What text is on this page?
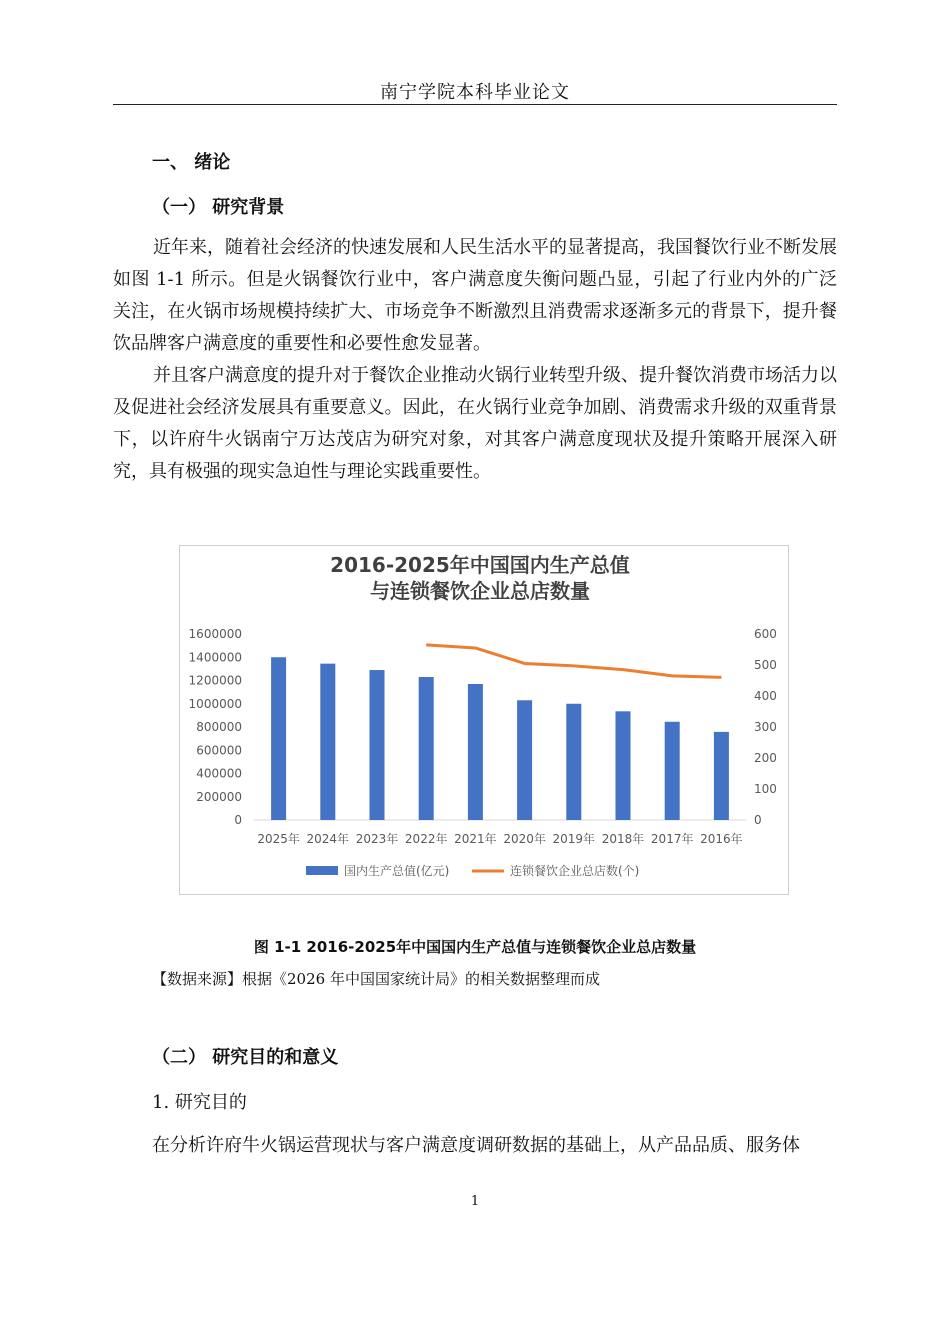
南宁学院本科毕业论文
一、 绪论
（一） 研究背景

近年来，随着社会经济的快速发展和人民生活水平的显著提高，我国餐饮行业不断发展如图 1-1 所示。但是火锅餐饮行业中，客户满意度失衡问题凸显，引起了行业内外的广泛关注，在火锅市场规模持续扩大、市场竞争不断激烈且消费需求逐渐多元的背景下，提升餐饮品牌客户满意度的重要性和必要性愈发显著。

并且客户满意度的提升对于餐饮企业推动火锅行业转型升级、提升餐饮消费市场活力以及促进社会经济发展具有重要意义。因此，在火锅行业竞争加剧、消费需求升级的双重背景下，以许府牛火锅南宁万达茂店为研究对象，对其客户满意度现状及提升策略开展深入研究，具有极强的现实急迫性与理论实践重要性。

2016-2025年中国国内生产总值
与连锁餐饮企业总店数量
0
200000
400000
600000
800000
1000000
1200000
1400000
1600000
0
100
200
300
400
500
600
2025年 2024年 2023年 2022年 2021年 2020年 2019年 2018年 2017年 2016年
国内生产总值(亿元)	连锁餐饮企业总店数(个)
图 1-1 2016-2025年中国国内生产总值与连锁餐饮企业总店数量
【数据来源】根据《2026 年中国国家统计局》的相关数据整理而成
（二） 研究目的和意义
1. 研究目的
在分析许府牛火锅运营现状与客户满意度调研数据的基础上，从产品品质、服务体
1
